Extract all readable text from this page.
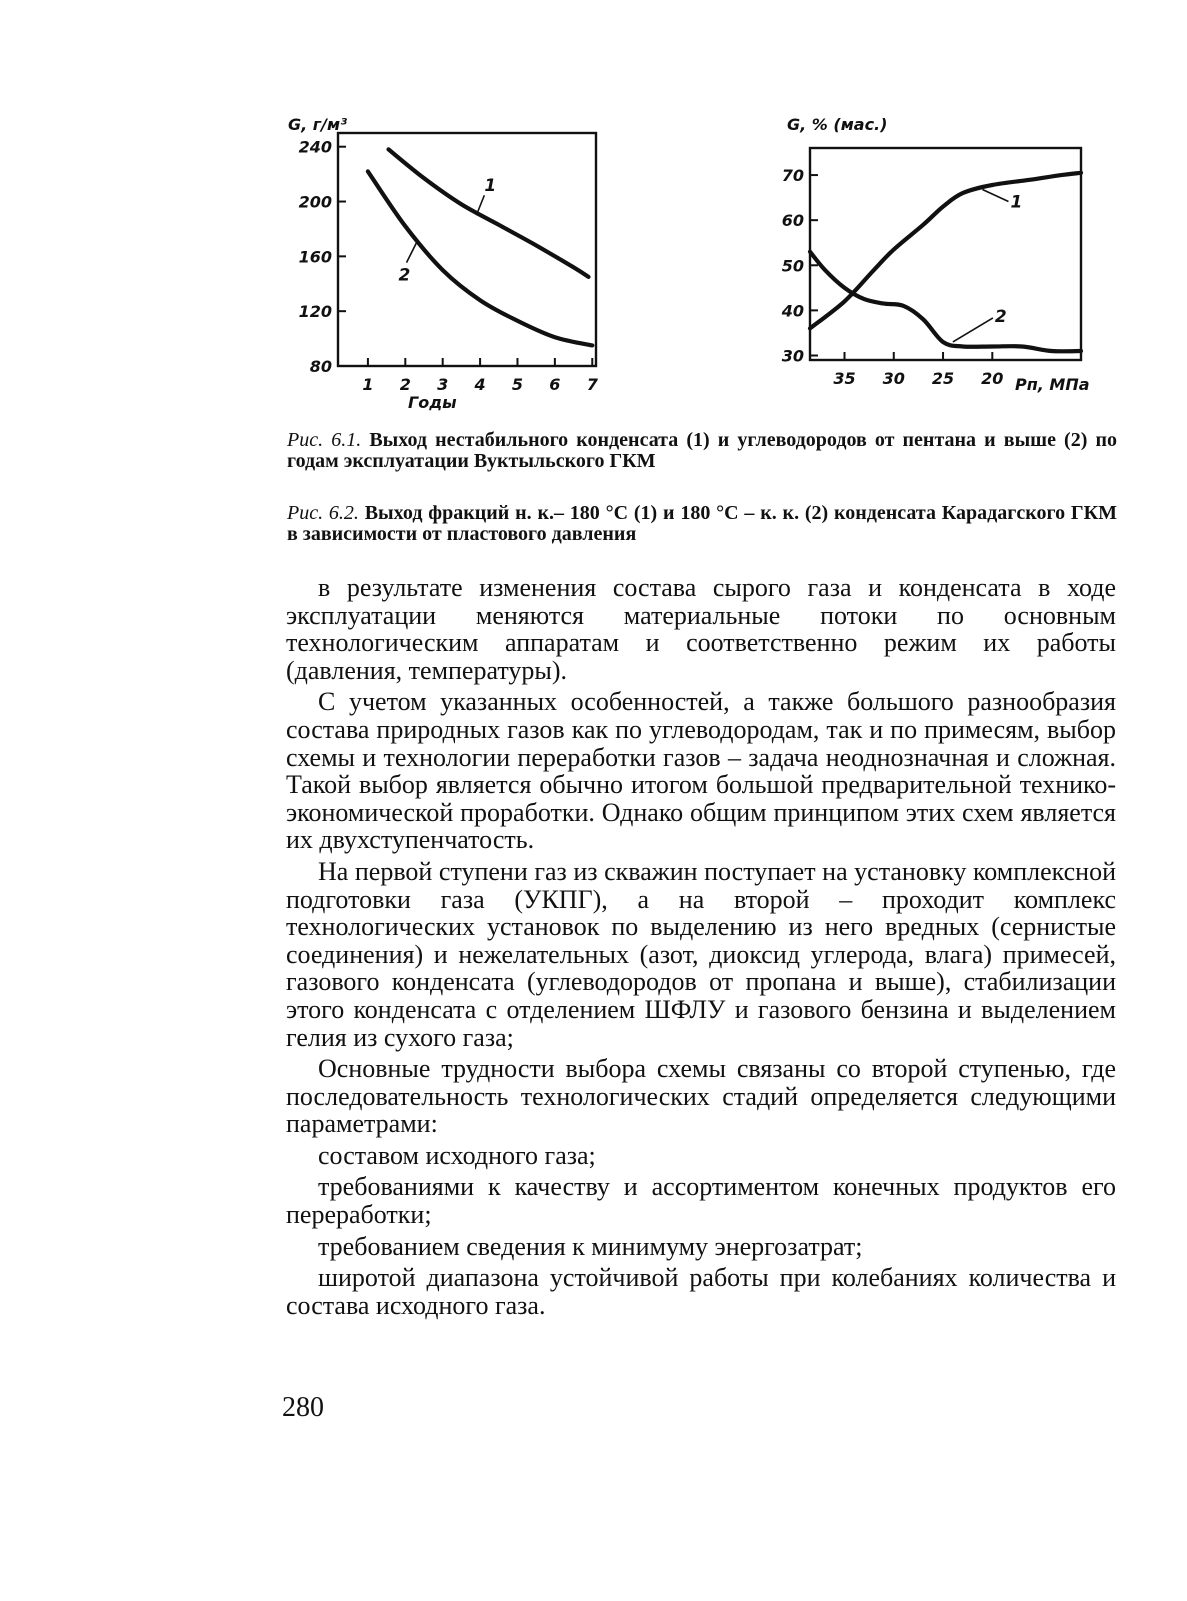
G, г/м³
Годы
80
120
160
200
240
1 2 3 4 5 6 7
1
2
G, % (мас.)
Pп, МПа
30
40
50
60
70
35 30 25 20
1
2
Рис. 6.1. Выход нестабильного конденсата (1) и углеводородов от пентана и выше (2) по годам эксплуатации Вуктыльского ГКМ
Рис. 6.2. Выход фракций н. к.– 180 °С (1) и 180 °С – к. к. (2) конденсата Карадагского ГКМ в зависимости от пластового давления

в результате изменения состава сырого газа и конденсата в ходе эксплуатации меняются материальные потоки по основным технологическим аппаратам и соответственно режим их работы (давления, температуры).

С учетом указанных особенностей, а также большого разнообразия состава природных газов как по углеводородам, так и по примесям, выбор схемы и технологии переработки газов – задача неоднозначная и сложная. Такой выбор является обычно итогом большой предварительной технико-экономической проработки. Однако общим принципом этих схем является их двухступенчатость.

На первой ступени газ из скважин поступает на установку комплексной подготовки газа (УКПГ), а на второй – проходит комплекс технологических установок по выделению из него вредных (сернистые соединения) и нежелательных (азот, диоксид углерода, влага) примесей, газового конденсата (углеводородов от пропана и выше), стабилизации этого конденсата с отделением ШФЛУ и газового бензина и выделением гелия из сухого газа;

Основные трудности выбора схемы связаны со второй ступенью, где последовательность технологических стадий определяется следующими параметрами:

составом исходного газа;

требованиями к качеству и ассортиментом конечных продуктов его переработки;

требованием сведения к минимуму энергозатрат;

широтой диапазона устойчивой работы при колебаниях количества и состава исходного газа.

280
